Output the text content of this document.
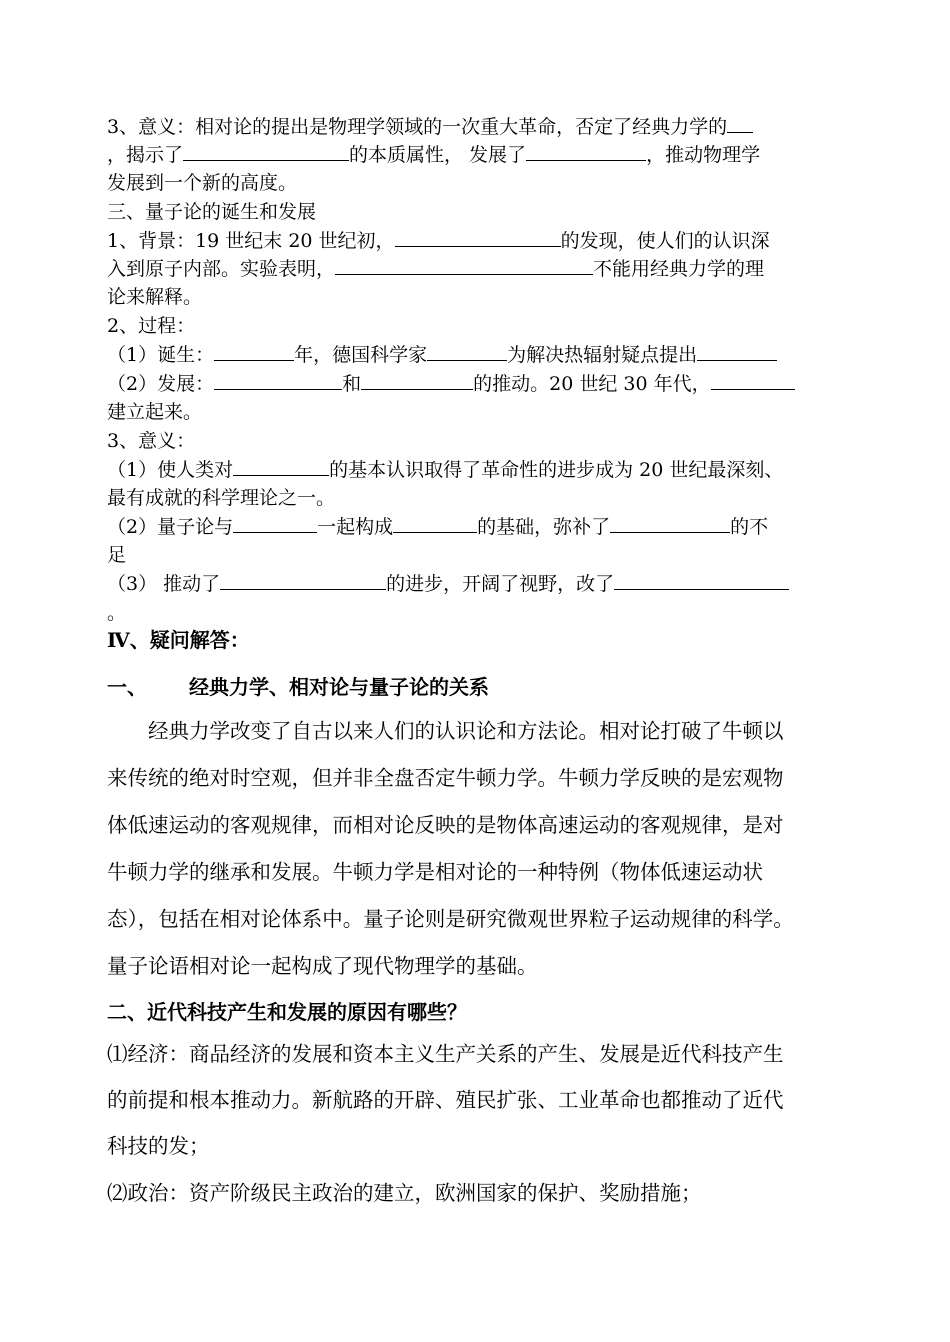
3、意义：相对论的提出是物理学领域的一次重大革命，否定了经典力学的
，揭示了	的本质属性， 发展了	，推动物理学
发展到一个新的高度。
三、量子论的诞生和发展
1、背景：19 世纪末 20 世纪初，	的发现，使人们的认识深
入到原子内部。实验表明，	不能用经典力学的理
论来解释。
2、过程：
（1）诞生：	年，德国科学家	为解决热辐射疑点提出
（2）发展：	和	的推动。20 世纪 30 年代，
建立起来。
3、意义：
（1）使人类对	的基本认识取得了革命性的进步成为 20 世纪最深刻、
最有成就的科学理论之一。
（2）量子论与	一起构成	的基础，弥补了	的不
足
（3） 推动了	的进步，开阔了视野，改了
。
Ⅳ、疑问解答：
一、 经典力学、相对论与量子论的关系
经典力学改变了自古以来人们的认识论和方法论。相对论打破了牛顿以
来传统的绝对时空观，但并非全盘否定牛顿力学。牛顿力学反映的是宏观物
体低速运动的客观规律，而相对论反映的是物体高速运动的客观规律，是对
牛顿力学的继承和发展。牛顿力学是相对论的一种特例（物体低速运动状
态），包括在相对论体系中。量子论则是研究微观世界粒子运动规律的科学。
量子论语相对论一起构成了现代物理学的基础。
二、近代科技产生和发展的原因有哪些？
⑴经济：商品经济的发展和资本主义生产关系的产生、发展是近代科技产生
的前提和根本推动力。新航路的开辟、殖民扩张、工业革命也都推动了近代
科技的发；
⑵政治：资产阶级民主政治的建立，欧洲国家的保护、奖励措施；
